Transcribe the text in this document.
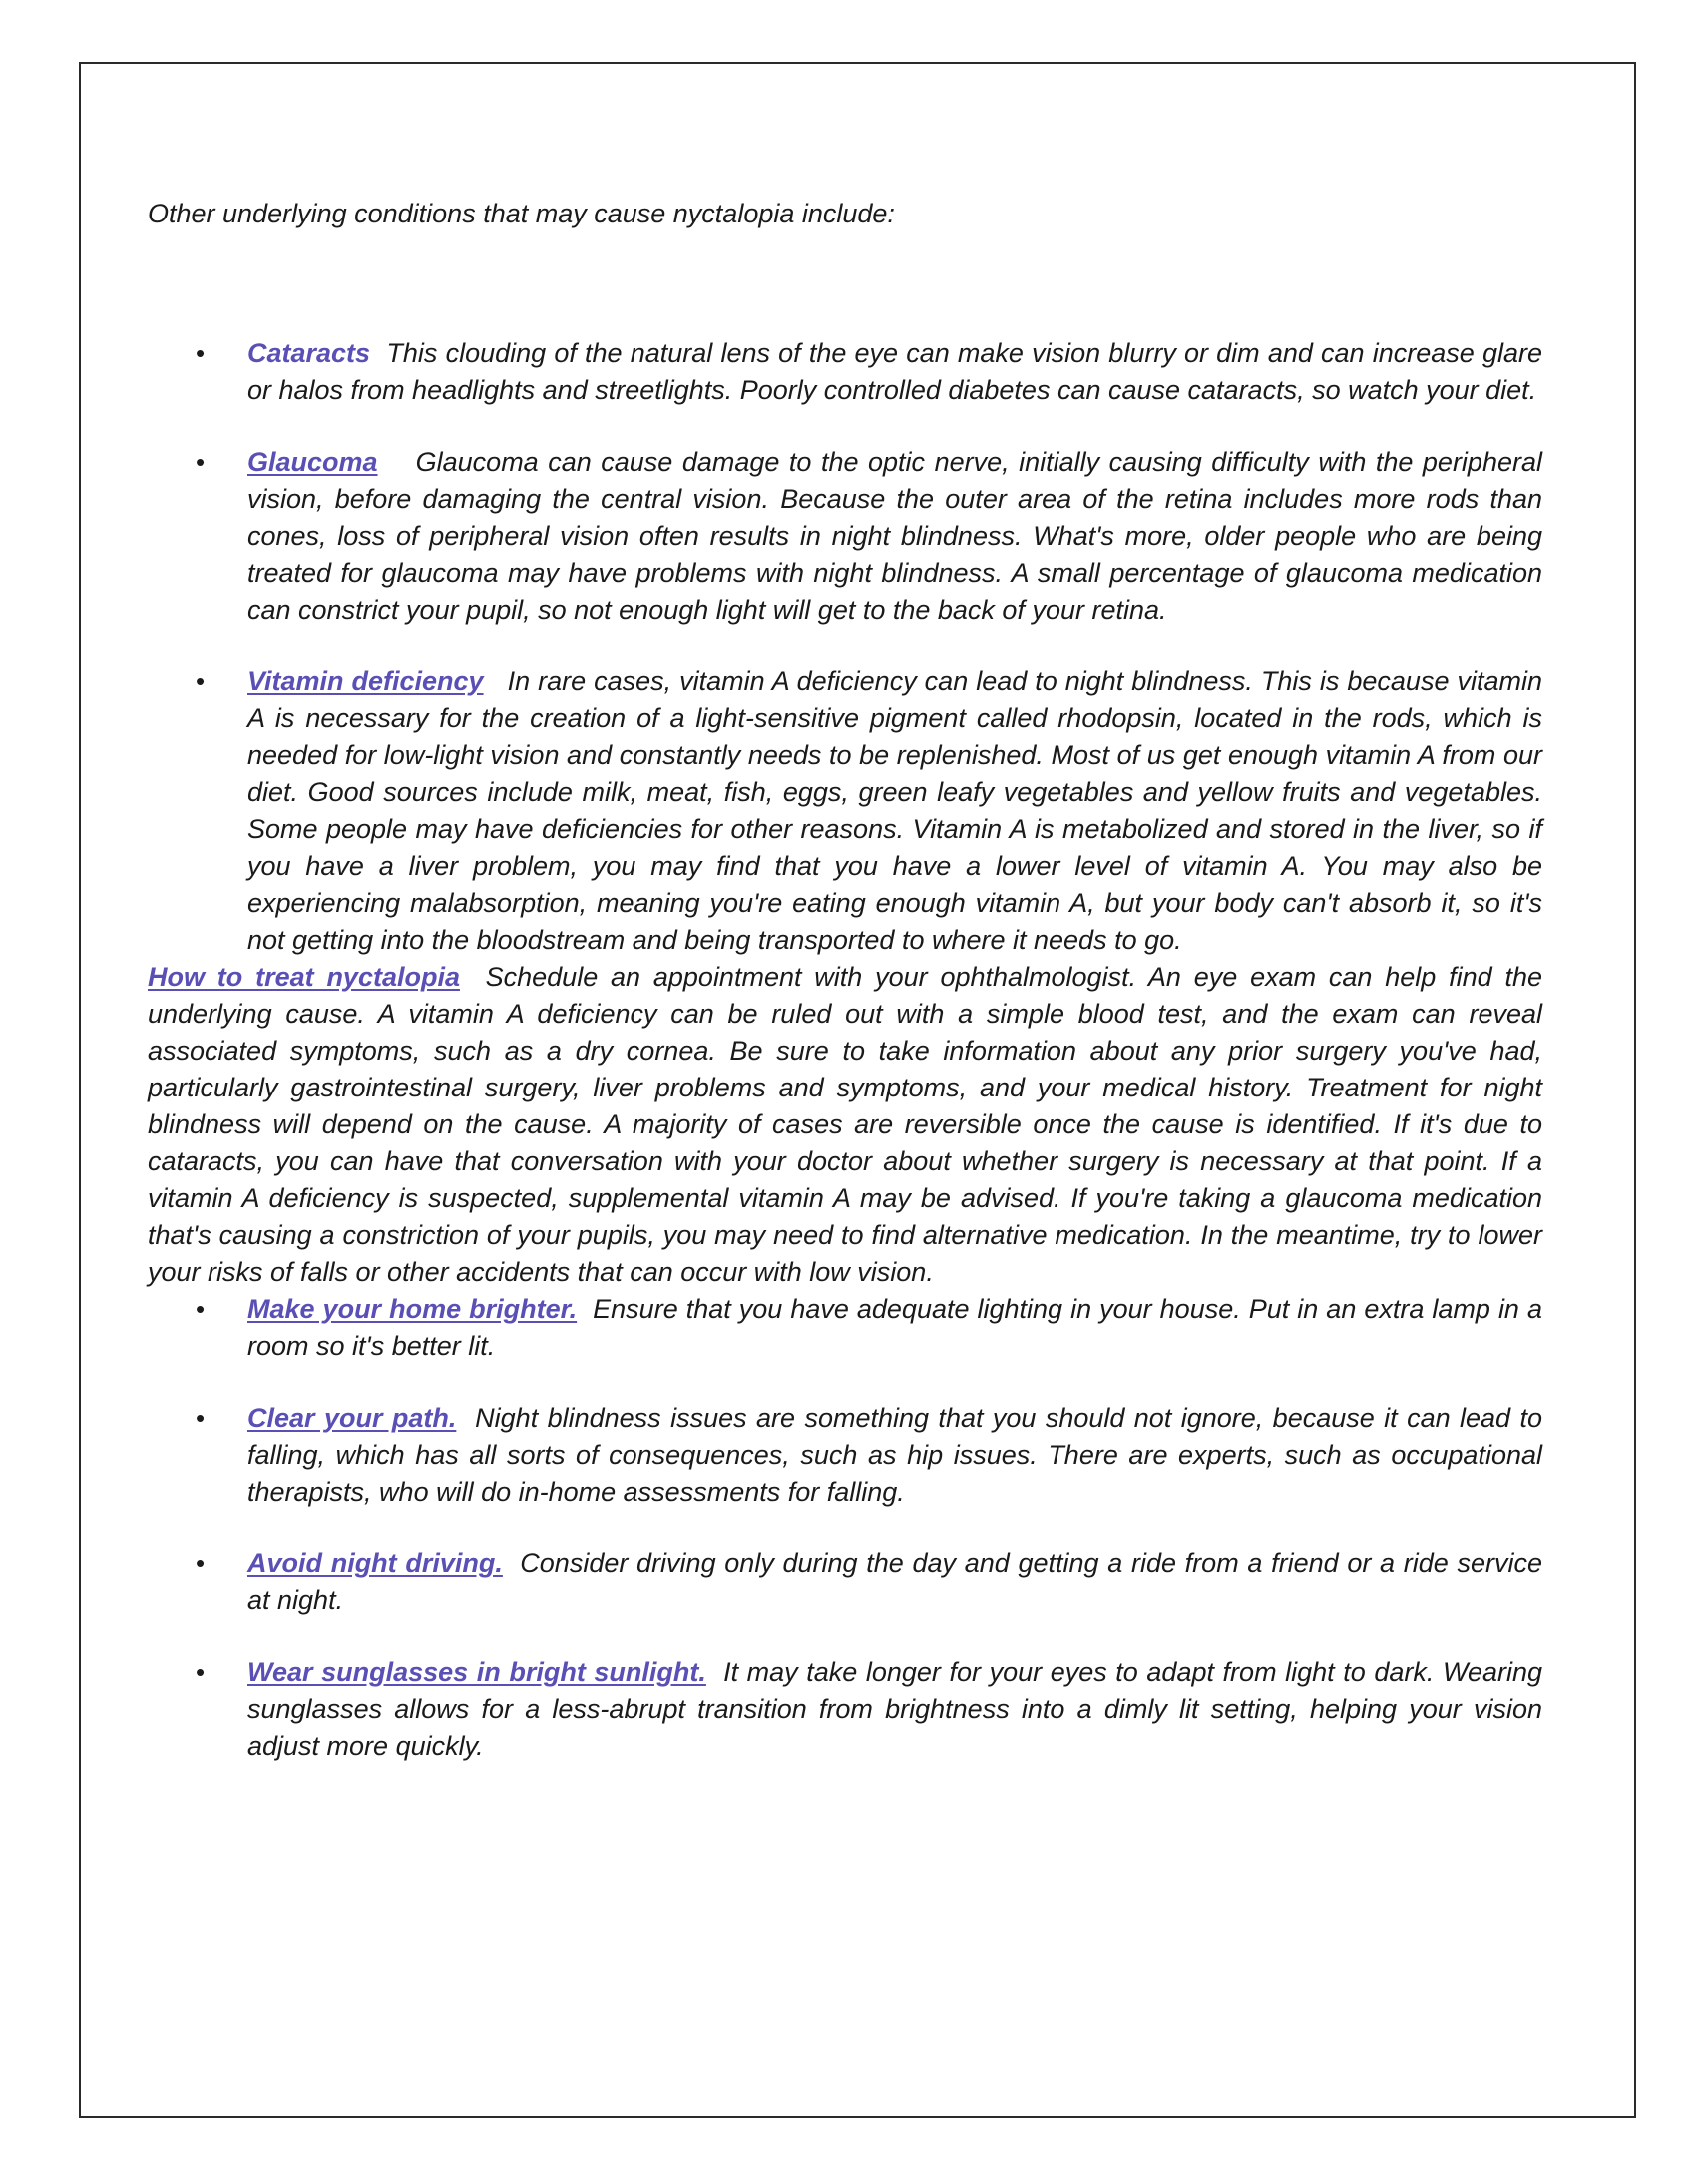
Other underlying conditions that may cause nyctalopia include:

• Cataracts This clouding of the natural lens of the eye can make vision blurry or dim and can increase glare or halos from headlights and streetlights. Poorly controlled diabetes can cause cataracts, so watch your diet.
• Glaucoma Glaucoma can cause damage to the optic nerve, initially causing difficulty with the peripheral vision, before damaging the central vision. Because the outer area of the retina includes more rods than cones, loss of peripheral vision often results in night blindness. What's more, older people who are being treated for glaucoma may have problems with night blindness. A small percentage of glaucoma medication can constrict your pupil, so not enough light will get to the back of your retina.
• Vitamin deficiency In rare cases, vitamin A deficiency can lead to night blindness. This is because vitamin A is necessary for the creation of a light-sensitive pigment called rhodopsin, located in the rods, which is needed for low-light vision and constantly needs to be replenished. Most of us get enough vitamin A from our diet. Good sources include milk, meat, fish, eggs, green leafy vegetables and yellow fruits and vegetables. Some people may have deficiencies for other reasons. Vitamin A is metabolized and stored in the liver, so if you have a liver problem, you may find that you have a lower level of vitamin A. You may also be experiencing malabsorption, meaning you're eating enough vitamin A, but your body can't absorb it, so it's not getting into the bloodstream and being transported to where it needs to go.

How to treat nyctalopia Schedule an appointment with your ophthalmologist. An eye exam can help find the underlying cause. A vitamin A deficiency can be ruled out with a simple blood test, and the exam can reveal associated symptoms, such as a dry cornea. Be sure to take information about any prior surgery you've had, particularly gastrointestinal surgery, liver problems and symptoms, and your medical history. Treatment for night blindness will depend on the cause. A majority of cases are reversible once the cause is identified. If it's due to cataracts, you can have that conversation with your doctor about whether surgery is necessary at that point. If a vitamin A deficiency is suspected, supplemental vitamin A may be advised. If you're taking a glaucoma medication that's causing a constriction of your pupils, you may need to find alternative medication. In the meantime, try to lower your risks of falls or other accidents that can occur with low vision.

• Make your home brighter. Ensure that you have adequate lighting in your house. Put in an extra lamp in a room so it's better lit.
• Clear your path. Night blindness issues are something that you should not ignore, because it can lead to falling, which has all sorts of consequences, such as hip issues. There are experts, such as occupational therapists, who will do in-home assessments for falling.
• Avoid night driving. Consider driving only during the day and getting a ride from a friend or a ride service at night.
• Wear sunglasses in bright sunlight. It may take longer for your eyes to adapt from light to dark. Wearing sunglasses allows for a less-abrupt transition from brightness into a dimly lit setting, helping your vision adjust more quickly.
